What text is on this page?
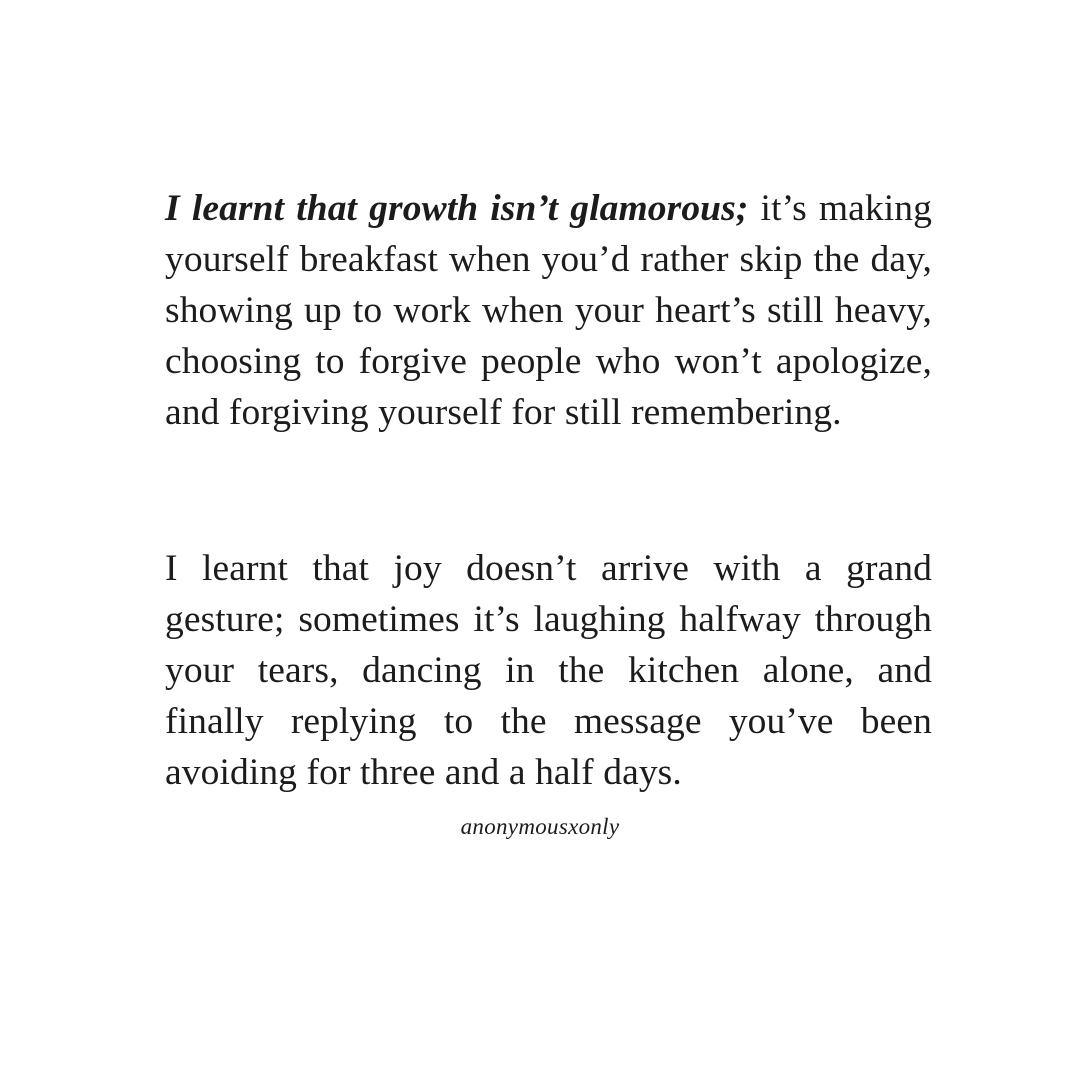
I learnt that growth isn’t glamorous; it’s making yourself breakfast when you’d rather skip the day, showing up to work when your heart’s still heavy, choosing to forgive people who won’t apologize, and forgiving yourself for still remembering.

I learnt that joy doesn’t arrive with a grand gesture; sometimes it’s laughing halfway through your tears, dancing in the kitchen alone, and finally replying to the message you’ve been avoiding for three and a half days.

anonymousxonly
